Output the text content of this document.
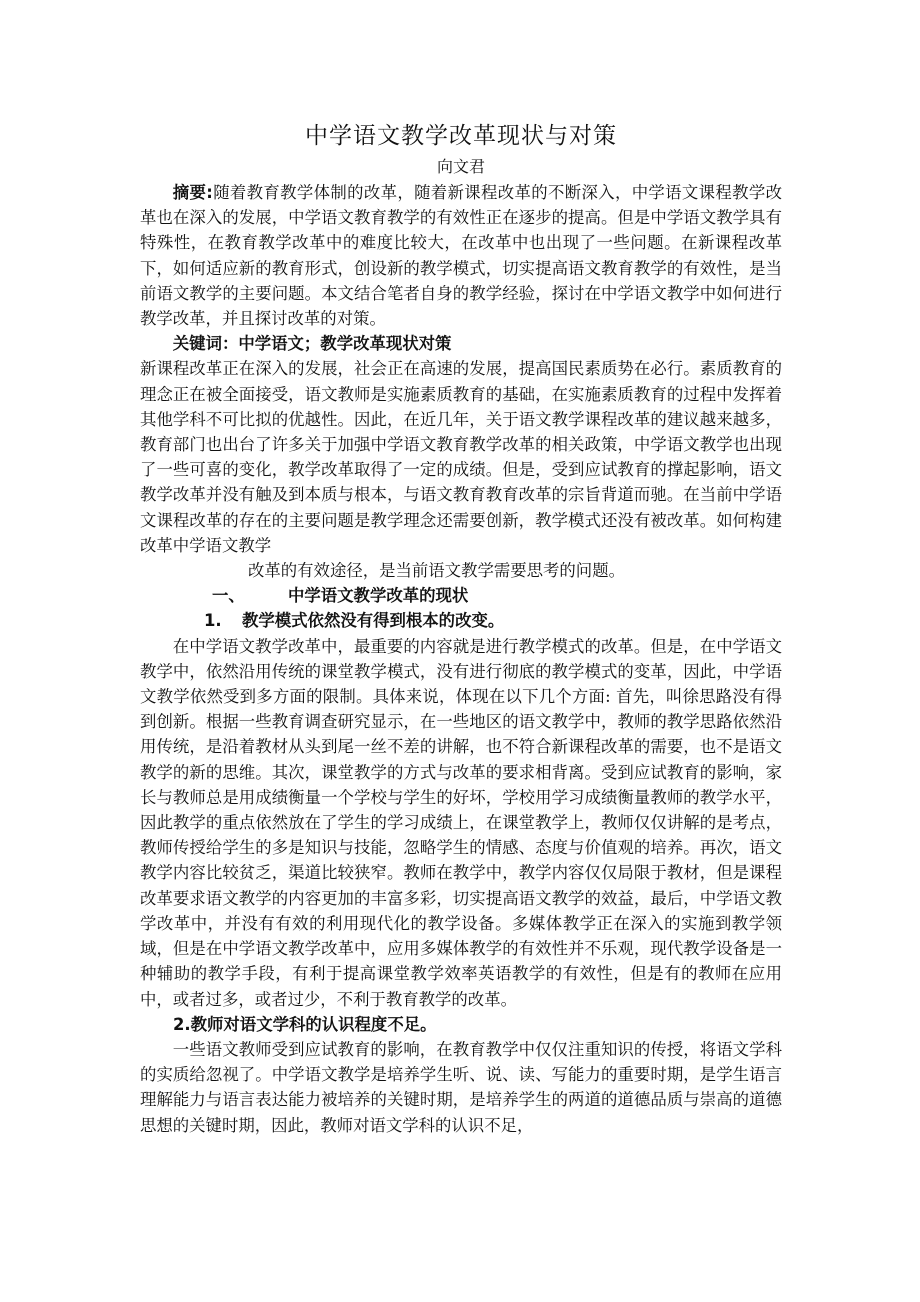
中学语文教学改革现状与对策
向文君

摘要:随着教育教学体制的改革，随着新课程改革的不断深入，中学语文课程教学改革也在深入的发展，中学语文教育教学的有效性正在逐步的提高。但是中学语文教学具有特殊性，在教育教学改革中的难度比较大，在改革中也出现了一些问题。在新课程改革下，如何适应新的教育形式，创设新的教学模式，切实提高语文教育教学的有效性，是当前语文教学的主要问题。本文结合笔者自身的教学经验，探讨在中学语文教学中如何进行教学改革，并且探讨改革的对策。

关键词：中学语文；教学改革现状对策

新课程改革正在深入的发展，社会正在高速的发展，提高国民素质势在必行。素质教育的理念正在被全面接受，语文教师是实施素质教育的基础，在实施素质教育的过程中发挥着其他学科不可比拟的优越性。因此，在近几年，关于语文教学课程改革的建议越来越多，教育部门也出台了许多关于加强中学语文教育教学改革的相关政策，中学语文教学也出现了一些可喜的变化，教学改革取得了一定的成绩。但是，受到应试教育的撑起影响，语文教学改革并没有触及到本质与根本，与语文教育教育改革的宗旨背道而驰。在当前中学语文课程改革的存在的主要问题是教学理念还需要创新，教学模式还没有被改革。如何构建改革中学语文教学

改革的有效途径，是当前语文教学需要思考的问题。

一、	中学语文教学改革的现状
1.	教学模式依然没有得到根本的改变。

在中学语文教学改革中，最重要的内容就是进行教学模式的改革。但是，在中学语文教学中，依然沿用传统的课堂教学模式，没有进行彻底的教学模式的变革，因此，中学语文教学依然受到多方面的限制。具体来说，体现在以下几个方面: 首先，叫徐思路没有得到创新。根据一些教育调查研究显示，在一些地区的语文教学中，教师的教学思路依然沿用传统，是沿着教材从头到尾一丝不差的讲解，也不符合新课程改革的需要，也不是语文教学的新的思维。其次，课堂教学的方式与改革的要求相背离。受到应试教育的影响，家长与教师总是用成绩衡量一个学校与学生的好坏，学校用学习成绩衡量教师的教学水平，因此教学的重点依然放在了学生的学习成绩上，在课堂教学上，教师仅仅讲解的是考点，教师传授给学生的多是知识与技能，忽略学生的情感、态度与价值观的培养。再次，语文教学内容比较贫乏，渠道比较狭窄。教师在教学中，教学内容仅仅局限于教材，但是课程改革要求语文教学的内容更加的丰富多彩，切实提高语文教学的效益，最后，中学语文教学改革中，并没有有效的利用现代化的教学设备。多媒体教学正在深入的实施到教学领域，但是在中学语文教学改革中，应用多媒体教学的有效性并不乐观，现代教学设备是一种辅助的教学手段，有利于提高课堂教学效率英语教学的有效性，但是有的教师在应用中，或者过多，或者过少，不利于教育教学的改革。

2.教师对语文学科的认识程度不足。

一些语文教师受到应试教育的影响，在教育教学中仅仅注重知识的传授，将语文学科的实质给忽视了。中学语文教学是培养学生听、说、读、写能力的重要时期，是学生语言理解能力与语言表达能力被培养的关键时期，是培养学生的两道的道德品质与崇高的道德思想的关键时期，因此，教师对语文学科的认识不足，
